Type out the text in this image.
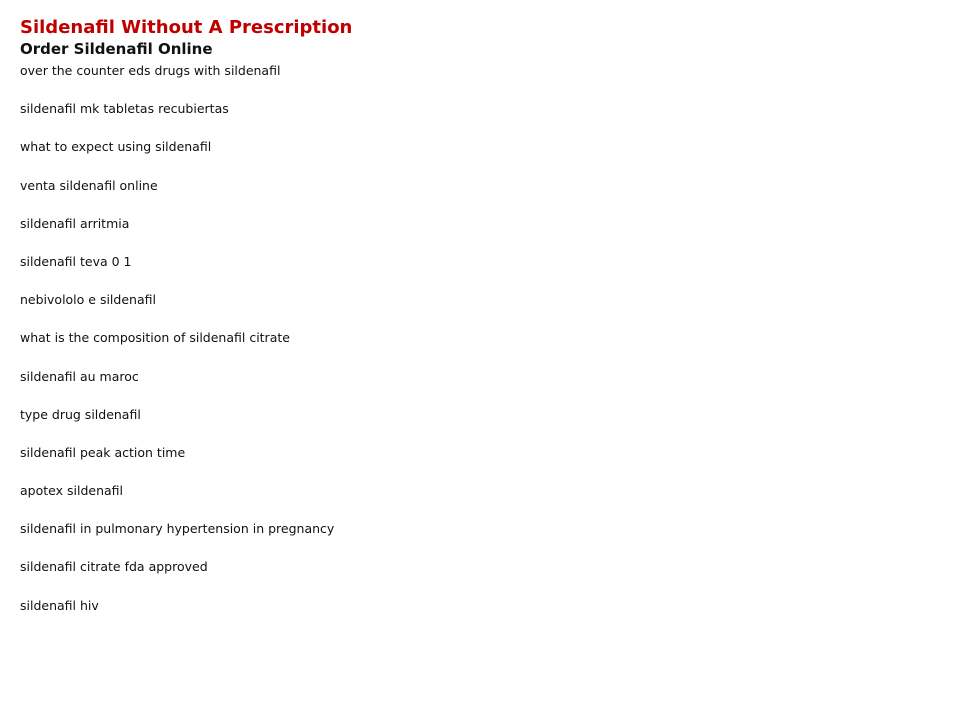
Sildenafil Without A Prescription
Order Sildenafil Online
over the counter eds drugs with sildenafil
sildenafil mk tabletas recubiertas
what to expect using sildenafil
venta sildenafil online
sildenafil arritmia
sildenafil teva 0 1
nebivololo e sildenafil
what is the composition of sildenafil citrate
sildenafil au maroc
type drug sildenafil
sildenafil peak action time
apotex sildenafil
sildenafil in pulmonary hypertension in pregnancy
sildenafil citrate fda approved
sildenafil hiv
